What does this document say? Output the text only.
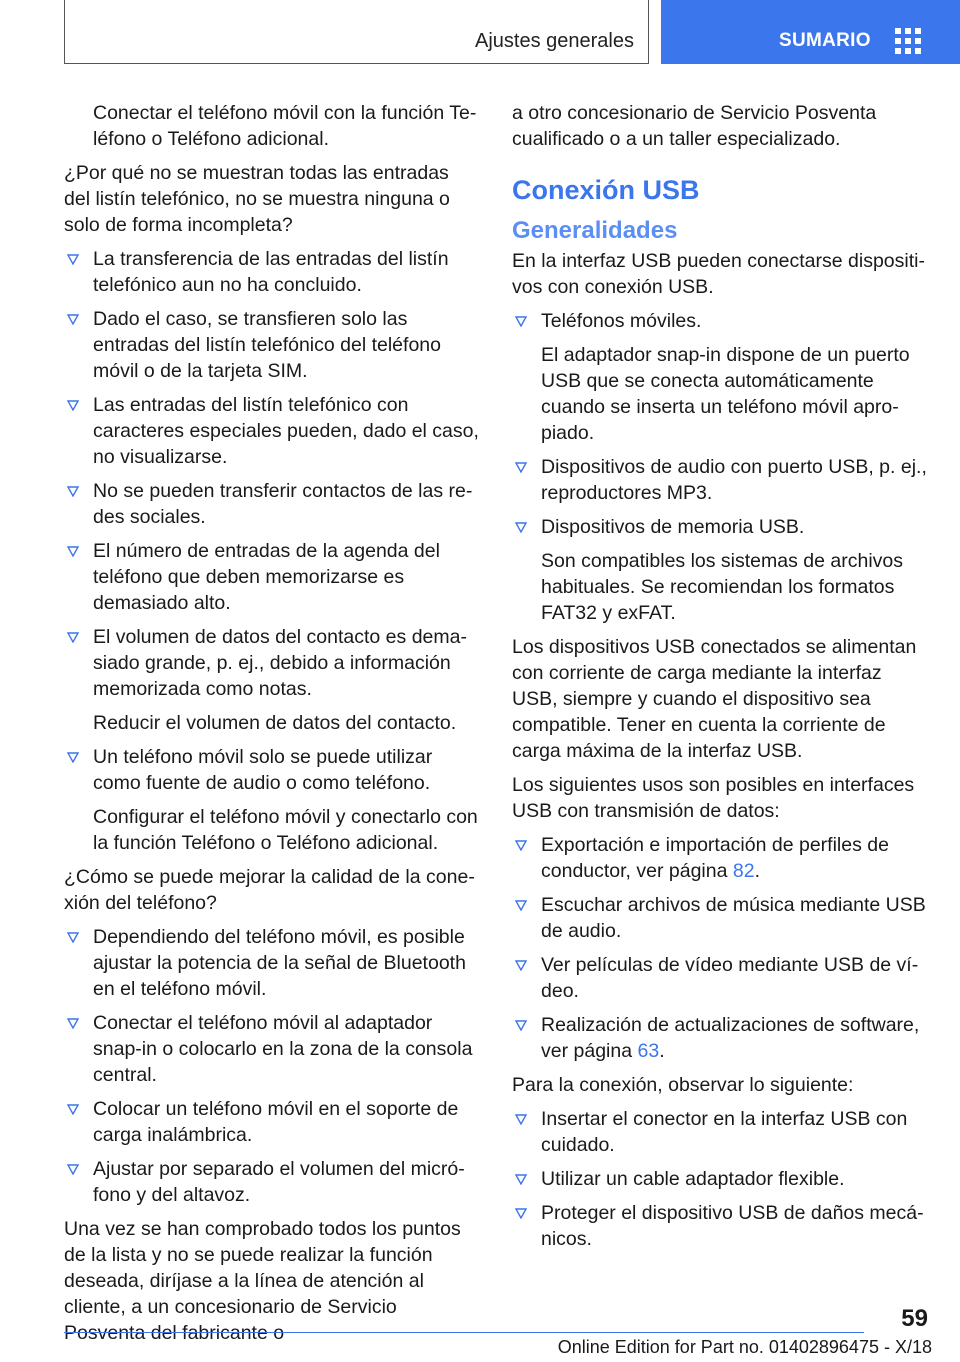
Ajustes generales	SUMARIO

Conectar el teléfono móvil con la función Teléfono o Teléfono adicional.

¿Por qué no se muestran todas las entradas del listín telefónico, no se muestra ninguna o solo de forma incompleta?

La transferencia de las entradas del listín telefónico aun no ha concluido.
Dado el caso, se transfieren solo las entradas del listín telefónico del teléfono móvil o de la tarjeta SIM.
Las entradas del listín telefónico con caracteres especiales pueden, dado el caso, no visualizarse.
No se pueden transferir contactos de las redes sociales.
El número de entradas de la agenda del teléfono que deben memorizarse es demasiado alto.
El volumen de datos del contacto es demasiado grande, p. ej., debido a información memorizada como notas.
Reducir el volumen de datos del contacto.
Un teléfono móvil solo se puede utilizar como fuente de audio o como teléfono.
Configurar el teléfono móvil y conectarlo con la función Teléfono o Teléfono adicional.

¿Cómo se puede mejorar la calidad de la conexión del teléfono?

Dependiendo del teléfono móvil, es posible ajustar la potencia de la señal de Bluetooth en el teléfono móvil.
Conectar el teléfono móvil al adaptador snap-in o colocarlo en la zona de la consola central.
Colocar un teléfono móvil en el soporte de carga inalámbrica.
Ajustar por separado el volumen del micrófono y del altavoz.

Una vez se han comprobado todos los puntos de la lista y no se puede realizar la función deseada, diríjase a la línea de atención al cliente, a un concesionario de Servicio Posventa del fabricante o

a otro concesionario de Servicio Posventa cualificado o a un taller especializado.

Conexión USB
Generalidades

En la interfaz USB pueden conectarse dispositivos con conexión USB.

Teléfonos móviles.
El adaptador snap-in dispone de un puerto USB que se conecta automáticamente cuando se inserta un teléfono móvil apropiado.
Dispositivos de audio con puerto USB, p. ej., reproductores MP3.
Dispositivos de memoria USB.
Son compatibles los sistemas de archivos habituales. Se recomiendan los formatos FAT32 y exFAT.

Los dispositivos USB conectados se alimentan con corriente de carga mediante la interfaz USB, siempre y cuando el dispositivo sea compatible. Tener en cuenta la corriente de carga máxima de la interfaz USB.

Los siguientes usos son posibles en interfaces USB con transmisión de datos:

Exportación e importación de perfiles de conductor, ver página 82.
Escuchar archivos de música mediante USB de audio.
Ver películas de vídeo mediante USB de vídeo.
Realización de actualizaciones de software, ver página 63.

Para la conexión, observar lo siguiente:

Insertar el conector en la interfaz USB con cuidado.
Utilizar un cable adaptador flexible.
Proteger el dispositivo USB de daños mecánicos.
59
Online Edition for Part no. 01402896475 - X/18
